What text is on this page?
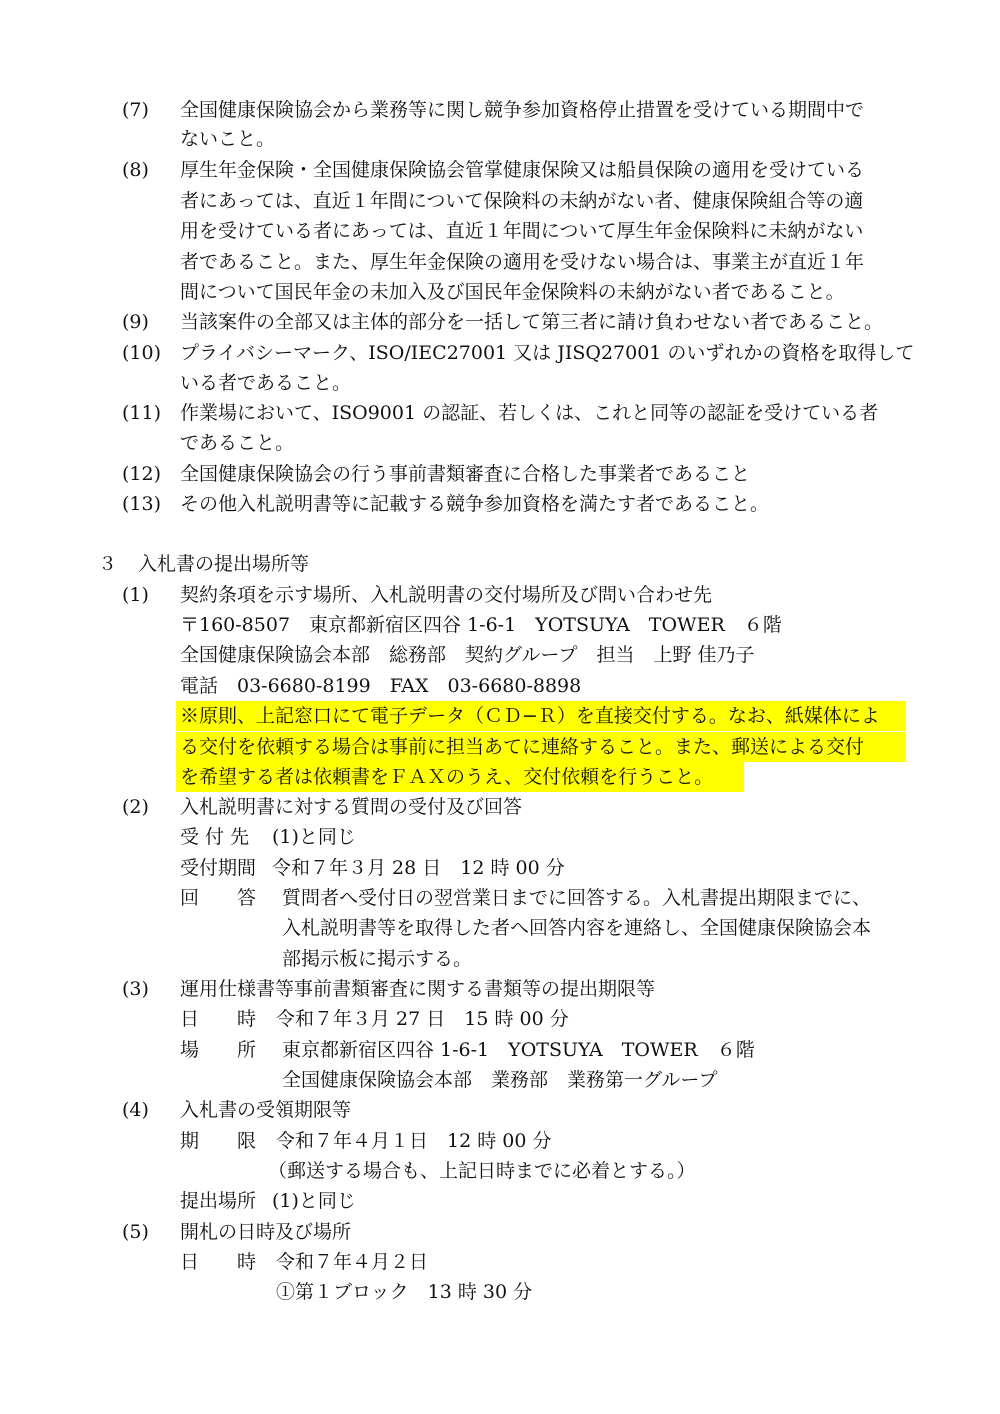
(7) 全国健康保険協会から業務等に関し競争参加資格停止措置を受けている期間中で
ないこと。
(8) 厚生年金保険・全国健康保険協会管掌健康保険又は船員保険の適用を受けている
者にあっては、直近１年間について保険料の未納がない者、健康保険組合等の適
用を受けている者にあっては、直近１年間について厚生年金保険料に未納がない
者であること。また、厚生年金保険の適用を受けない場合は、事業主が直近１年
間について国民年金の未加入及び国民年金保険料の未納がない者であること。
(9) 当該案件の全部又は主体的部分を一括して第三者に請け負わせない者であること。
(10) プライバシーマーク、ISO/IEC27001 又は JISQ27001 のいずれかの資格を取得して
いる者であること。
(11) 作業場において、ISO9001 の認証、若しくは、これと同等の認証を受けている者
であること。
(12) 全国健康保険協会の行う事前書類審査に合格した事業者であること
(13) その他入札説明書等に記載する競争参加資格を満たす者であること。
３ 入札書の提出場所等
(1) 契約条項を示す場所、入札説明書の交付場所及び問い合わせ先
〒160-8507　東京都新宿区四谷 1-6-1　YOTSUYA　TOWER　６階
全国健康保険協会本部　総務部　契約グループ　担当　上野 佳乃子
電話　03-6680-8199　FAX　03-6680-8898
※原則、上記窓口にて電子データ（ＣＤ−Ｒ）を直接交付する。なお、紙媒体によ
る交付を依頼する場合は事前に担当あてに連絡すること。また、郵送による交付
を希望する者は依頼書をＦＡＸのうえ、交付依頼を行うこと。
(2) 入札説明書に対する質問の受付及び回答
受 付 先 (1)と同じ
受付期間 令和７年３月 28 日　12 時 00 分
回　　答 質問者へ受付日の翌営業日までに回答する。入札書提出期限までに、
入札説明書等を取得した者へ回答内容を連絡し、全国健康保険協会本
部掲示板に掲示する。
(3) 運用仕様書等事前書類審査に関する書類等の提出期限等
日　　時 令和７年３月 27 日　15 時 00 分
場　　所 東京都新宿区四谷 1-6-1　YOTSUYA　TOWER　６階
全国健康保険協会本部　業務部　業務第一グループ
(4) 入札書の受領期限等
期　　限 令和７年４月１日　12 時 00 分
（郵送する場合も、上記日時までに必着とする。）
提出場所 (1)と同じ
(5) 開札の日時及び場所
日　　時 令和７年４月２日
①第１ブロック　13 時 30 分
